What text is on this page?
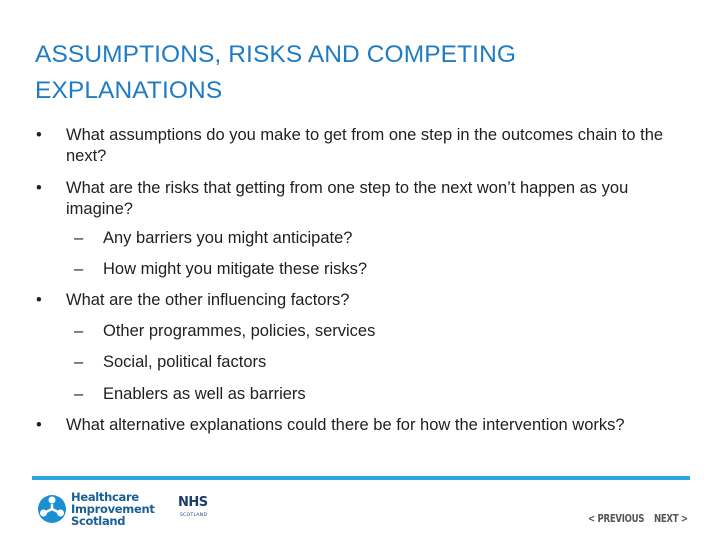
ASSUMPTIONS, RISKS AND COMPETING
EXPLANATIONS
• What assumptions do you make to get from one step in the outcomes chain to the next?
• What are the risks that getting from one step to the next won’t happen as you imagine?
– Any barriers you might anticipate?
– How might you mitigate these risks?
• What are the other influencing factors?
– Other programmes, policies, services
– Social, political factors
– Enablers as well as barriers
• What alternative explanations could there be for how the intervention works?
Healthcare
Improvement
Scotland
NHS
SCOTLAND	< PREVIOUS NEXT >
